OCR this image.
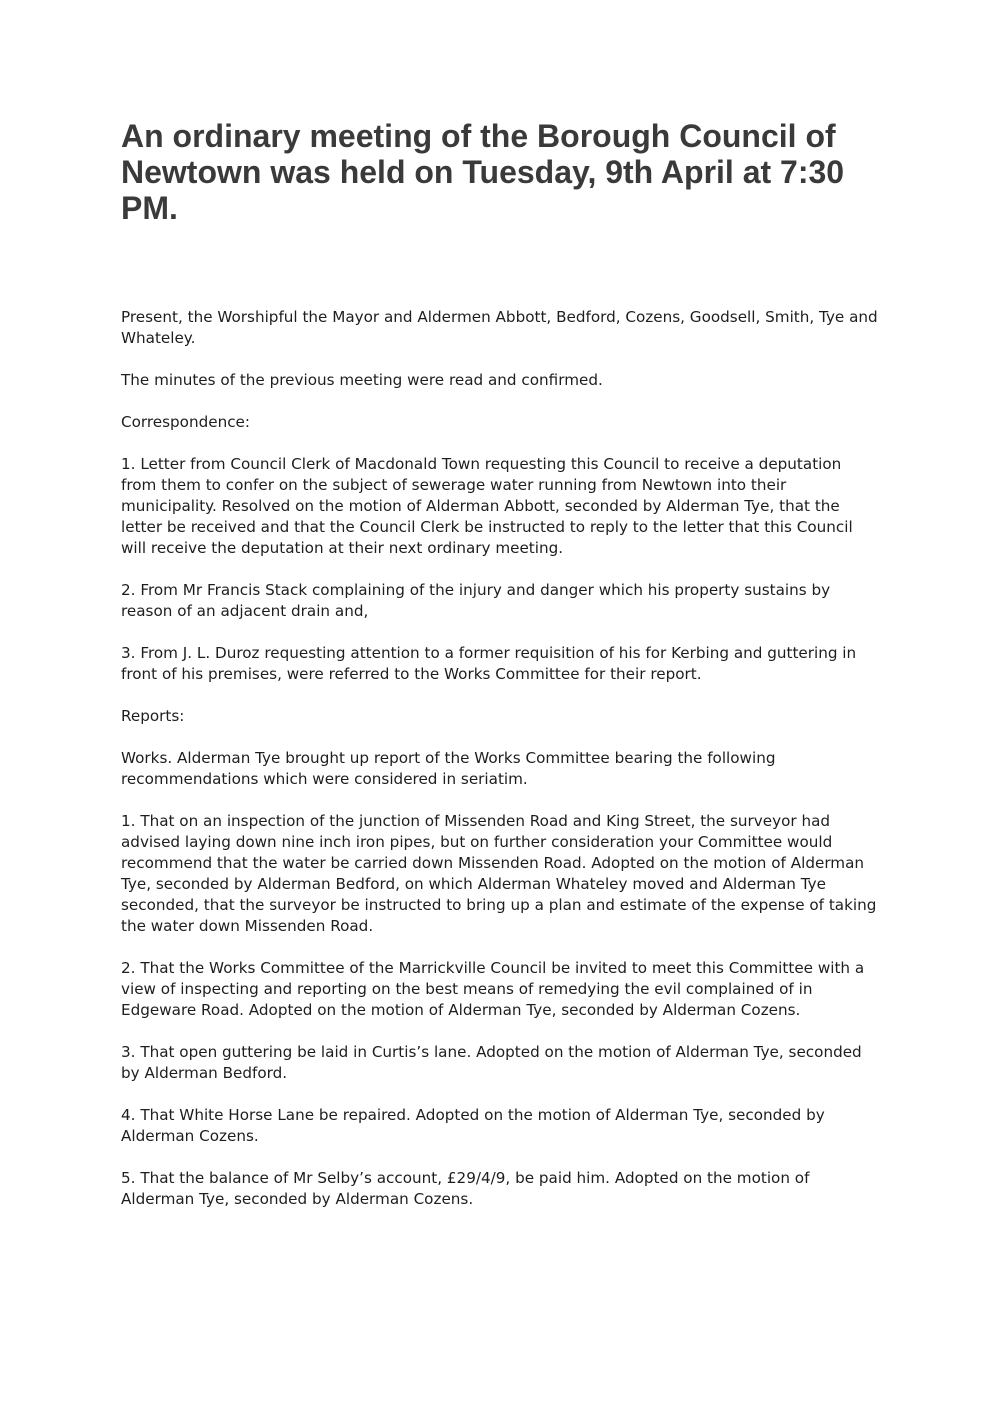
An ordinary meeting of the Borough Council of Newtown was held on Tuesday, 9th April at 7:30 PM.

Present, the Worshipful the Mayor and Aldermen Abbott, Bedford, Cozens, Goodsell, Smith, Tye and Whateley.

The minutes of the previous meeting were read and confirmed.

Correspondence:

1. Letter from Council Clerk of Macdonald Town requesting this Council to receive a deputation from them to confer on the subject of sewerage water running from Newtown into their municipality. Resolved on the motion of Alderman Abbott, seconded by Alderman Tye, that the letter be received and that the Council Clerk be instructed to reply to the letter that this Council will receive the deputation at their next ordinary meeting.

2. From Mr Francis Stack complaining of the injury and danger which his property sustains by reason of an adjacent drain and,

3. From J. L. Duroz requesting attention to a former requisition of his for Kerbing and guttering in front of his premises, were referred to the Works Committee for their report.

Reports:

Works. Alderman Tye brought up report of the Works Committee bearing the following recommendations which were considered in seriatim.

1. That on an inspection of the junction of Missenden Road and King Street, the surveyor had advised laying down nine inch iron pipes, but on further consideration your Committee would recommend that the water be carried down Missenden Road. Adopted on the motion of Alderman Tye, seconded by Alderman Bedford, on which Alderman Whateley moved and Alderman Tye seconded, that the surveyor be instructed to bring up a plan and estimate of the expense of taking the water down Missenden Road.

2. That the Works Committee of the Marrickville Council be invited to meet this Committee with a view of inspecting and reporting on the best means of remedying the evil complained of in Edgeware Road. Adopted on the motion of Alderman Tye, seconded by Alderman Cozens.

3. That open guttering be laid in Curtis’s lane. Adopted on the motion of Alderman Tye, seconded by Alderman Bedford.

4. That White Horse Lane be repaired. Adopted on the motion of Alderman Tye, seconded by Alderman Cozens.

5. That the balance of Mr Selby’s account, £29/4/9, be paid him. Adopted on the motion of Alderman Tye, seconded by Alderman Cozens.
